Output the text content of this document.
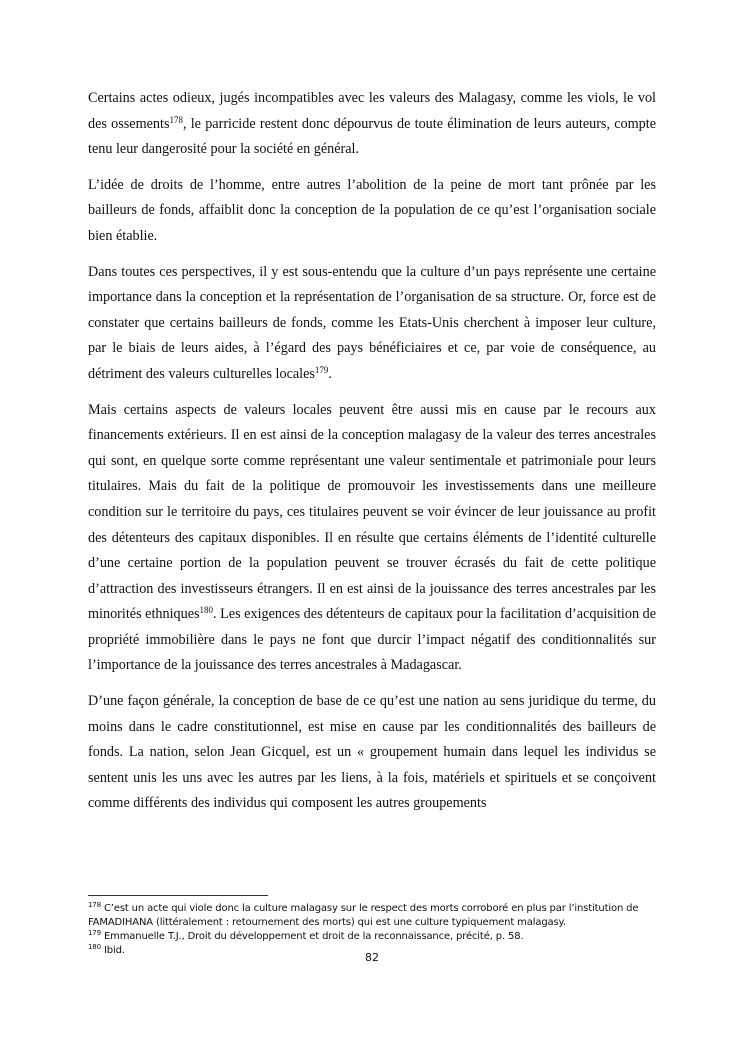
Certains actes odieux, jugés incompatibles avec les valeurs des Malagasy, comme les viols, le vol des ossements$^{178}$, le parricide restent donc dépourvus de toute élimination de leurs auteurs, compte tenu leur dangerosité pour la société en général.

L’idée de droits de l’homme, entre autres l’abolition de la peine de mort tant prônée par les bailleurs de fonds, affaiblit donc la conception de la population de ce qu’est l’organisation sociale bien établie.

Dans toutes ces perspectives, il y est sous-entendu que la culture d’un pays représente une certaine importance dans la conception et la représentation de l’organisation de sa structure. Or, force est de constater que certains bailleurs de fonds, comme les Etats-Unis cherchent à imposer leur culture, par le biais de leurs aides, à l’égard des pays bénéficiaires et ce, par voie de conséquence, au détriment des valeurs culturelles locales$^{179}$.

Mais certains aspects de valeurs locales peuvent être aussi mis en cause par le recours aux financements extérieurs. Il en est ainsi de la conception malagasy de la valeur des terres ancestrales qui sont, en quelque sorte comme représentant une valeur sentimentale et patrimoniale pour leurs titulaires. Mais du fait de la politique de promouvoir les investissements dans une meilleure condition sur le territoire du pays, ces titulaires peuvent se voir évincer de leur jouissance au profit des détenteurs des capitaux disponibles. Il en résulte que certains éléments de l’identité culturelle d’une certaine portion de la population peuvent se trouver écrasés du fait de cette politique d’attraction des investisseurs étrangers. Il en est ainsi de la jouissance des terres ancestrales par les minorités ethniques$^{180}$. Les exigences des détenteurs de capitaux pour la facilitation d’acquisition de propriété immobilière dans le pays ne font que durcir l’impact négatif des conditionnalités sur l’importance de la jouissance des terres ancestrales à Madagascar.

D’une façon générale, la conception de base de ce qu’est une nation au sens juridique du terme, du moins dans le cadre constitutionnel, est mise en cause par les conditionnalités des bailleurs de fonds. La nation, selon Jean Gicquel, est un « groupement humain dans lequel les individus se sentent unis les uns avec les autres par les liens, à la fois, matériels et spirituels et se conçoivent comme différents des individus qui composent les autres groupements

$^{178}$ C’est un acte qui viole donc la culture malagasy sur le respect des morts corroboré en plus par l’institution de FAMADIHANA (littéralement : retournement des morts) qui est une culture typiquement malagasy.

$^{179}$ Emmanuelle T.J., Droit du développement et droit de la reconnaissance, précité, p. 58.

$^{180}$ Ibid.

82
